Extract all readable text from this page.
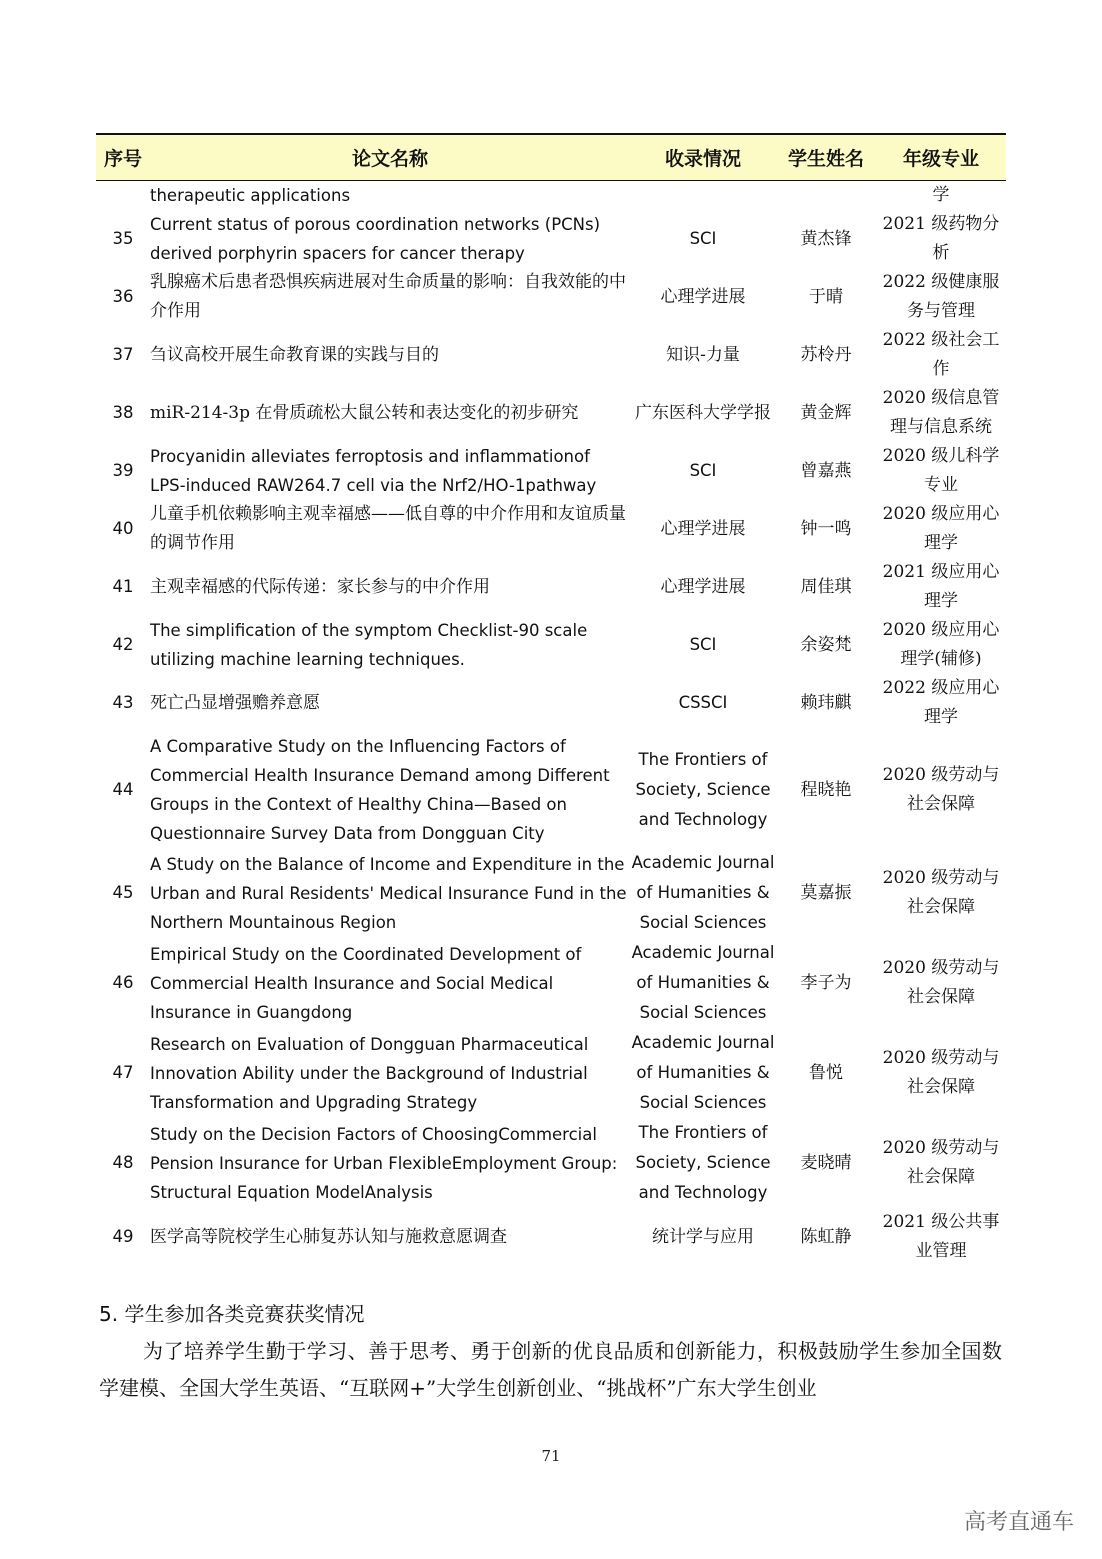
序号	论文名称	收录情况	学生姓名	年级专业

	therapeutic applications			学
35	Current status of porous coordination networks (PCNs) derived porphyrin spacers for cancer therapy	SCI	黄杰锋	2021 级药物分析
36	乳腺癌术后患者恐惧疾病进展对生命质量的影响：自我效能的中介作用	心理学进展	于晴	2022 级健康服务与管理
37	刍议高校开展生命教育课的实践与目的	知识-力量	苏柃丹	2022 级社会工作
38	miR-214-3p 在骨质疏松大鼠公转和表达变化的初步研究	广东医科大学学报	黄金辉	2020 级信息管理与信息系统
39	Procyanidin alleviates ferroptosis and inflammationof LPS-induced RAW264.7 cell via the Nrf2/HO-1pathway	SCI	曾嘉燕	2020 级儿科学专业
40	儿童手机依赖影响主观幸福感——低自尊的中介作用和友谊质量的调节作用	心理学进展	钟一鸣	2020 级应用心理学
41	主观幸福感的代际传递：家长参与的中介作用	心理学进展	周佳琪	2021 级应用心理学
42	The simplification of the symptom Checklist-90 scale utilizing machine learning techniques.	SCI	余姿梵	2020 级应用心理学(辅修)
43	死亡凸显增强赡养意愿	CSSCI	赖玮麒	2022 级应用心理学
44	A Comparative Study on the Influencing Factors of Commercial Health Insurance Demand among Different Groups in the Context of Healthy China—Based on Questionnaire Survey Data from Dongguan City	The Frontiers of Society, Science and Technology	程晓艳	2020 级劳动与社会保障
45	A Study on the Balance of Income and Expenditure in the Urban and Rural Residents' Medical Insurance Fund in the Northern Mountainous Region	Academic Journal of Humanities & Social Sciences	莫嘉振	2020 级劳动与社会保障
46	Empirical Study on the Coordinated Development of Commercial Health Insurance and Social Medical Insurance in Guangdong	Academic Journal of Humanities & Social Sciences	李子为	2020 级劳动与社会保障
47	Research on Evaluation of Dongguan Pharmaceutical Innovation Ability under the Background of Industrial Transformation and Upgrading Strategy	Academic Journal of Humanities & Social Sciences	鲁悦	2020 级劳动与社会保障
48	Study on the Decision Factors of ChoosingCommercial Pension Insurance for Urban FlexibleEmployment Group: Structural Equation ModelAnalysis	The Frontiers of Society, Science and Technology	麦晓晴	2020 级劳动与社会保障
49	医学高等院校学生心肺复苏认知与施救意愿调查	统计学与应用	陈虹静	2021 级公共事业管理
5. 学生参加各类竞赛获奖情况
为了培养学生勤于学习、善于思考、勇于创新的优良品质和创新能力，积极鼓励学生参加全国数学建模、全国大学生英语、“互联网+”大学生创新创业、“挑战杯”广东大学生创业
71
高考直通车
